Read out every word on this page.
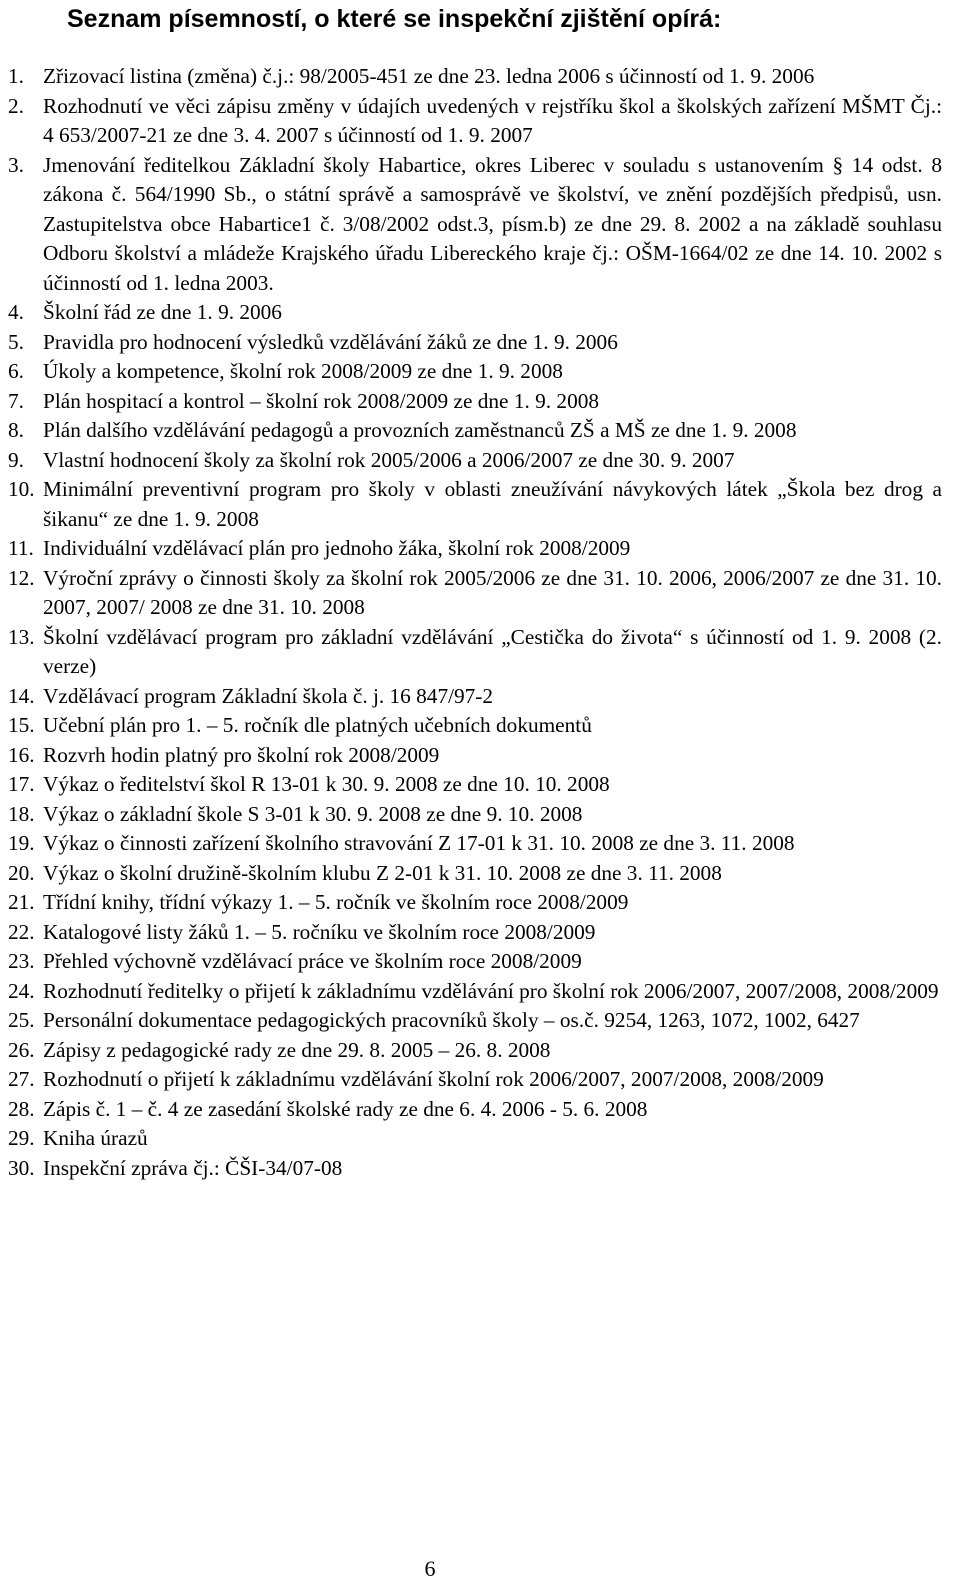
Seznam písemností, o které se inspekční zjištění opírá:
1. Zřizovací listina (změna) č.j.: 98/2005-451 ze dne 23. ledna 2006 s účinností od 1. 9. 2006
2. Rozhodnutí ve věci zápisu změny v údajích uvedených v rejstříku škol a školských zařízení MŠMT Čj.: 4 653/2007-21 ze dne 3. 4. 2007 s účinností od 1. 9. 2007
3. Jmenování ředitelkou Základní školy Habartice, okres Liberec v souladu s ustanovením § 14 odst. 8 zákona č. 564/1990 Sb., o státní správě a samosprávě ve školství, ve znění pozdějších předpisů, usn. Zastupitelstva obce Habartice1 č. 3/08/2002 odst.3, písm.b) ze dne 29. 8. 2002 a na základě souhlasu Odboru školství a mládeže Krajského úřadu Libereckého kraje čj.: OŠM-1664/02 ze dne 14. 10. 2002 s účinností od 1. ledna 2003.
4. Školní řád ze dne 1. 9. 2006
5. Pravidla pro hodnocení výsledků vzdělávání žáků ze dne 1. 9. 2006
6. Úkoly a kompetence, školní rok 2008/2009 ze dne 1. 9. 2008
7. Plán hospitací a kontrol – školní rok 2008/2009 ze dne 1. 9. 2008
8. Plán dalšího vzdělávání pedagogů a provozních zaměstnanců ZŠ a MŠ ze dne 1. 9. 2008
9. Vlastní hodnocení školy za školní rok 2005/2006 a 2006/2007 ze dne 30. 9. 2007
10. Minimální preventivní program pro školy v oblasti zneužívání návykových látek „Škola bez drog a šikanu“ ze dne 1. 9. 2008
11. Individuální vzdělávací plán pro jednoho žáka, školní rok 2008/2009
12. Výroční zprávy o činnosti školy za školní rok 2005/2006 ze dne 31. 10. 2006, 2006/2007 ze dne 31. 10. 2007, 2007/ 2008 ze dne 31. 10. 2008
13. Školní vzdělávací program pro základní vzdělávání „Cestička do života“ s účinností od 1. 9. 2008 (2. verze)
14. Vzdělávací program Základní škola č. j. 16 847/97-2
15. Učební plán pro 1. – 5. ročník dle platných učebních dokumentů
16. Rozvrh hodin platný pro školní rok 2008/2009
17. Výkaz o ředitelství škol R 13-01 k 30. 9. 2008 ze dne 10. 10. 2008
18. Výkaz o základní škole S 3-01 k 30. 9. 2008 ze dne 9. 10. 2008
19. Výkaz o činnosti zařízení školního stravování Z 17-01 k 31. 10. 2008 ze dne 3. 11. 2008
20. Výkaz o školní družině-školním klubu Z 2-01 k 31. 10. 2008 ze dne 3. 11. 2008
21. Třídní knihy, třídní výkazy 1. – 5. ročník ve školním roce 2008/2009
22. Katalogové listy žáků 1. – 5. ročníku ve školním roce 2008/2009
23. Přehled výchovně vzdělávací práce ve školním roce 2008/2009
24. Rozhodnutí ředitelky o přijetí k základnímu vzdělávání pro školní rok 2006/2007, 2007/2008, 2008/2009
25. Personální dokumentace pedagogických pracovníků školy – os.č. 9254, 1263, 1072, 1002, 6427
26. Zápisy z pedagogické rady ze dne 29. 8. 2005 – 26. 8. 2008
27. Rozhodnutí o přijetí k základnímu vzdělávání školní rok 2006/2007, 2007/2008, 2008/2009
28. Zápis č. 1 – č. 4 ze zasedání školské rady ze dne 6. 4. 2006 - 5. 6. 2008
29. Kniha úrazů
30. Inspekční zpráva čj.: ČŠI-34/07-08
6
